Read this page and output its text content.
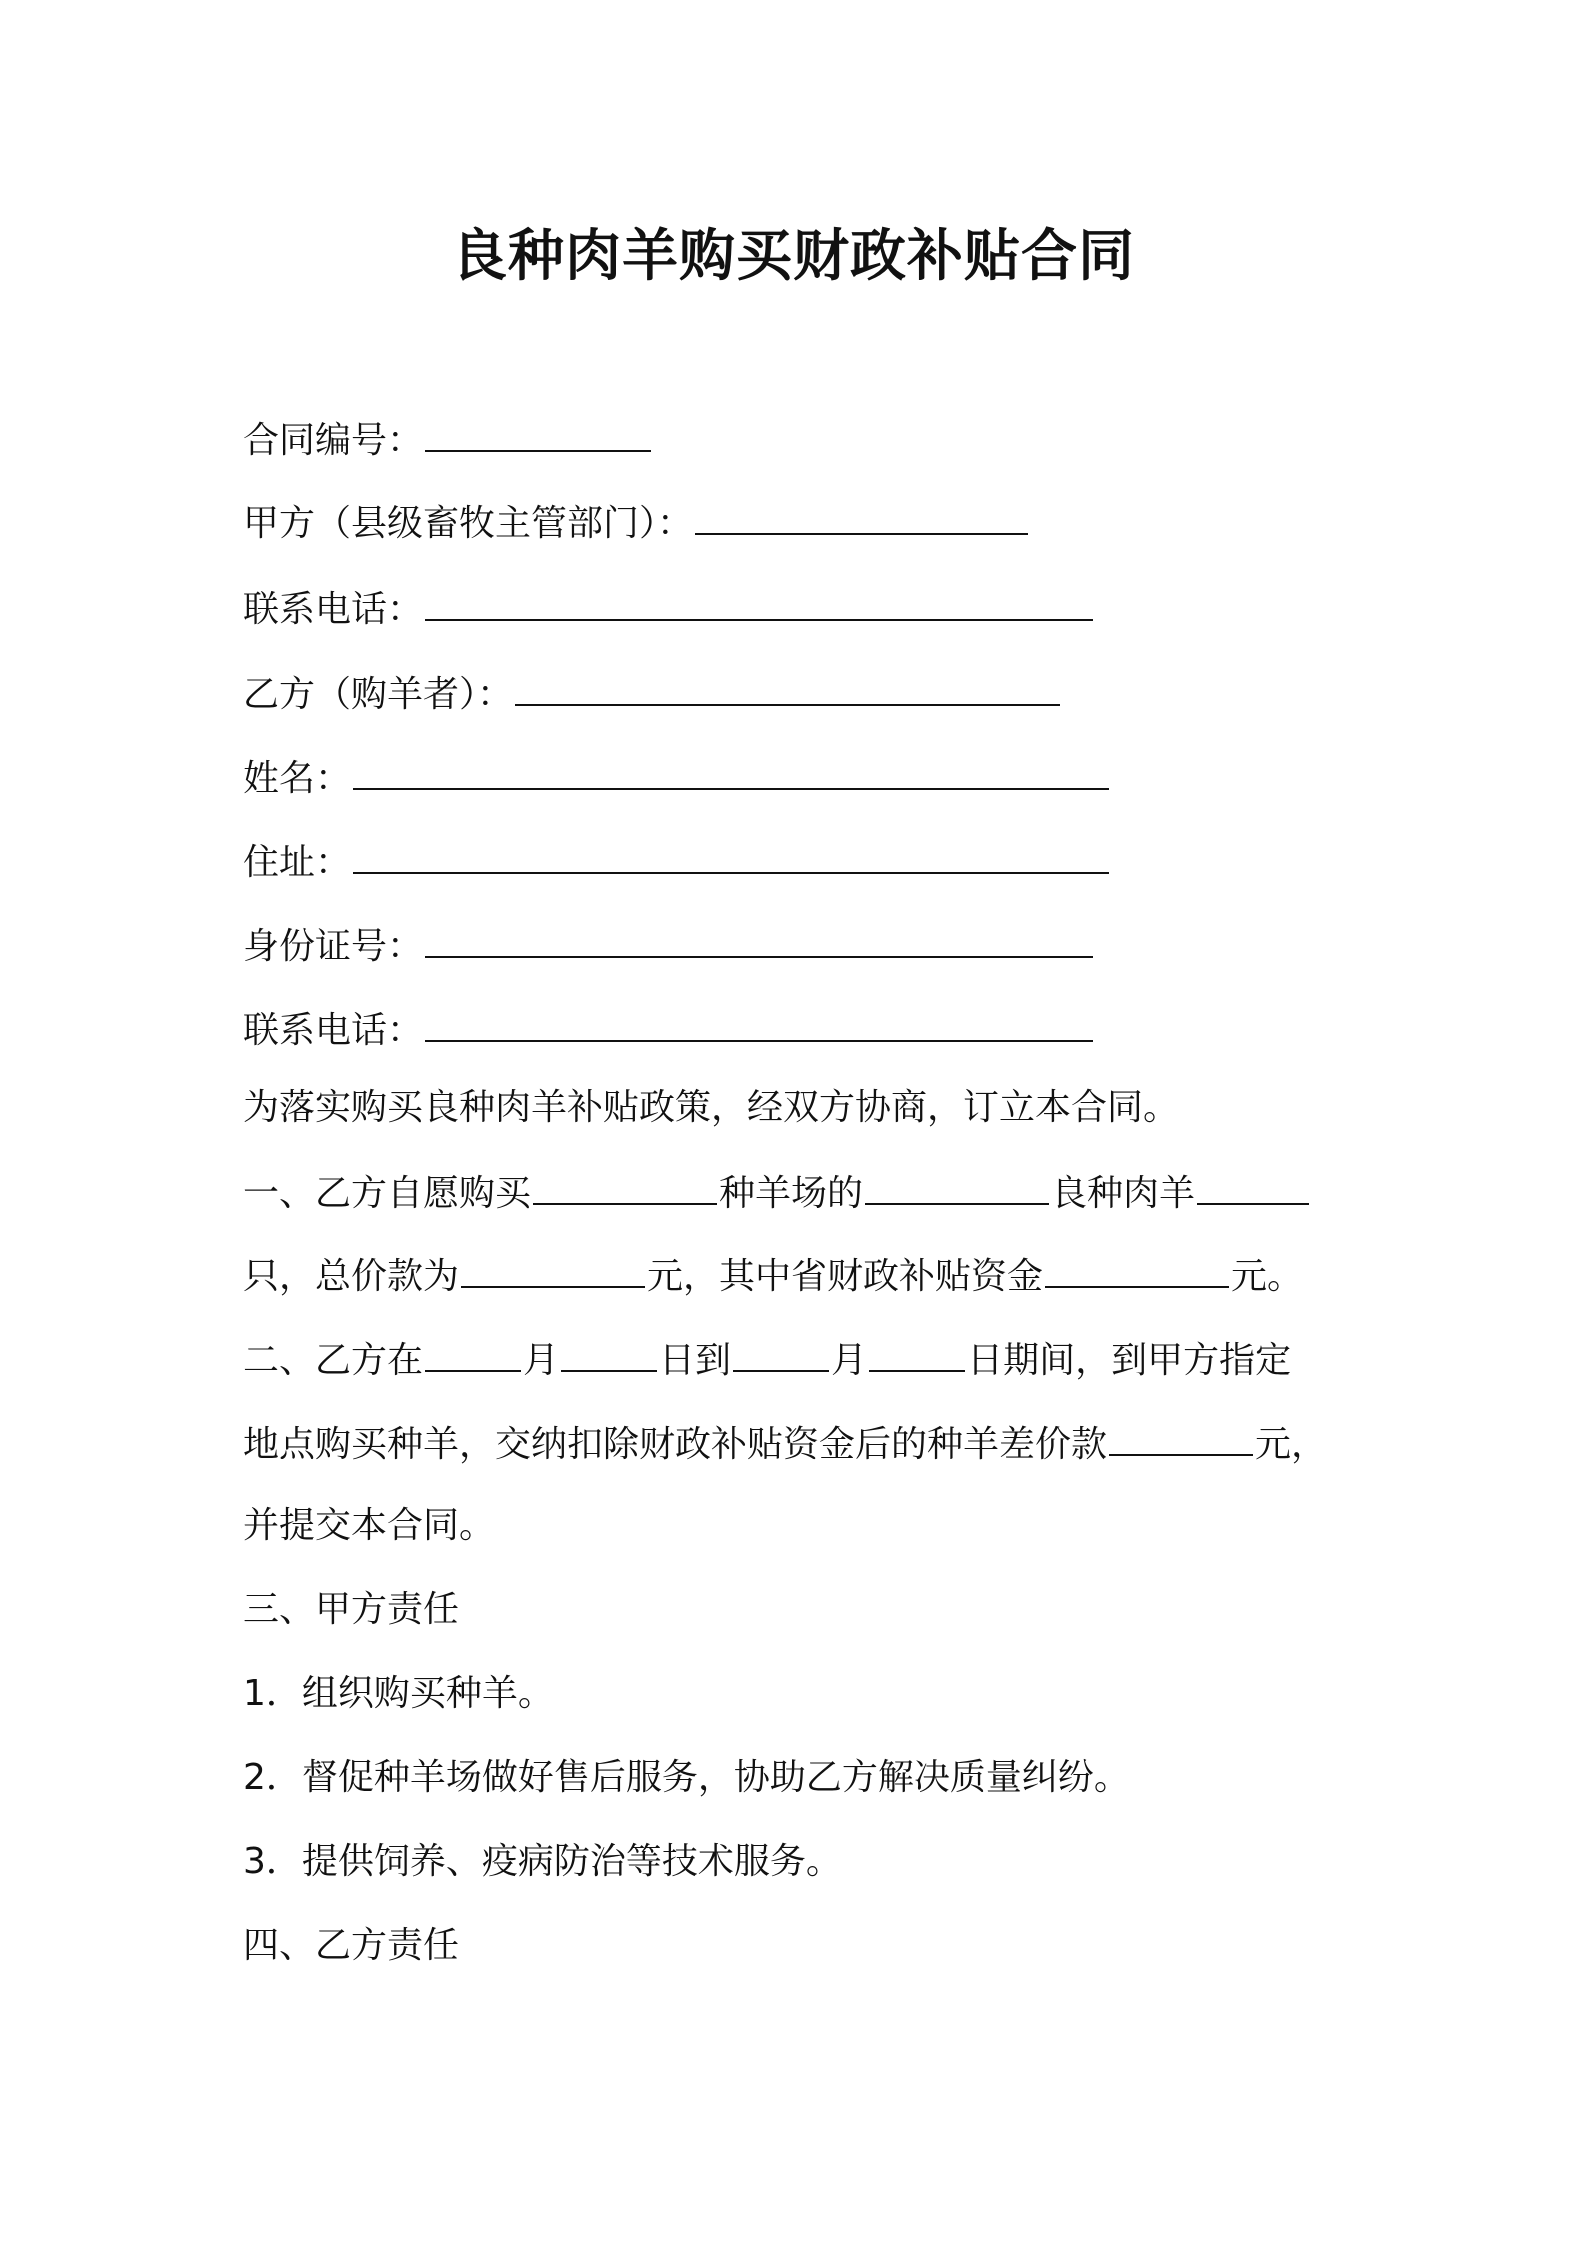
良种肉羊购买财政补贴合同
合同编号：
甲方（县级畜牧主管部门）：
联系电话：
乙方（购羊者）：
姓名：
住址：
身份证号：
联系电话：
为落实购买良种肉羊补贴政策，经双方协商，订立本合同。
一、乙方自愿购买	种羊场的	良种肉羊
只，总价款为	元，其中省财政补贴资金	元。
二、乙方在	月	日到	月	日期间，到甲方指定
地点购买种羊，交纳扣除财政补贴资金后的种羊差价款	元，
并提交本合同。
三、甲方责任
1．组织购买种羊。
2．督促种羊场做好售后服务，协助乙方解决质量纠纷。
3．提供饲养、疫病防治等技术服务。
四、乙方责任
